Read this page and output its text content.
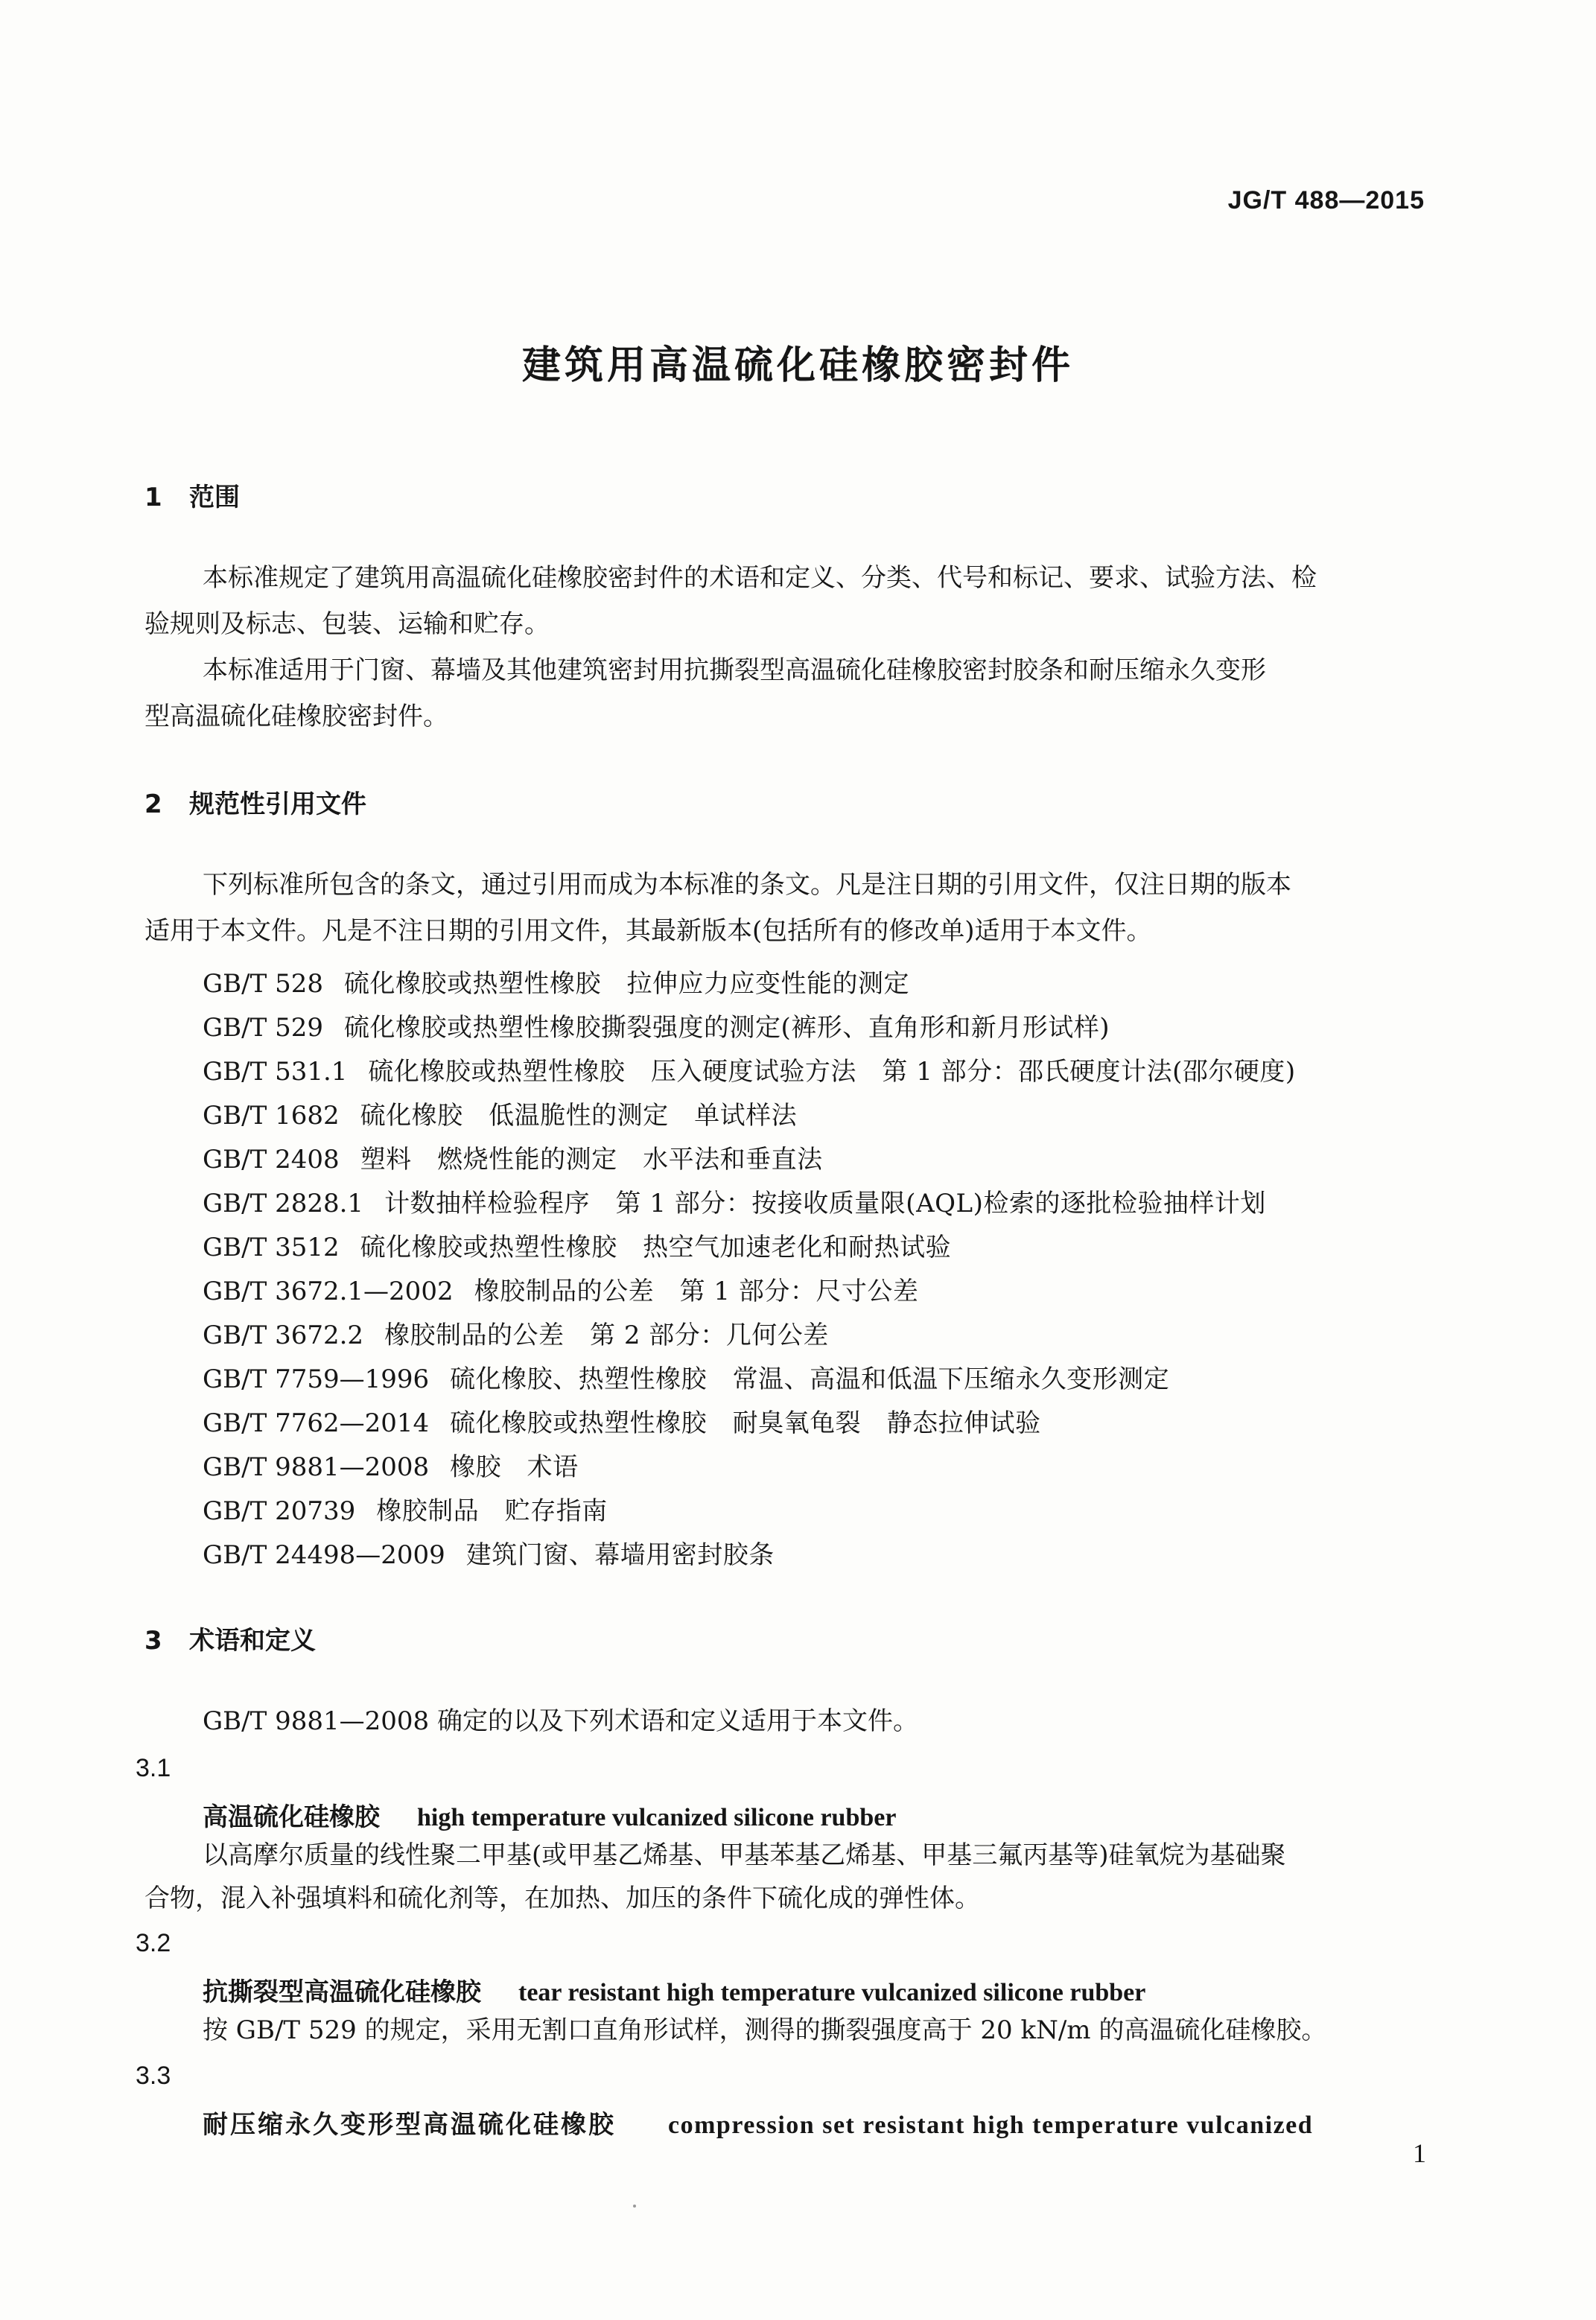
JG/T 488—2015
建筑用高温硫化硅橡胶密封件
1 范围
本标准规定了建筑用高温硫化硅橡胶密封件的术语和定义、分类、代号和标记、要求、试验方法、检
验规则及标志、包装、运输和贮存。
本标准适用于门窗、幕墙及其他建筑密封用抗撕裂型高温硫化硅橡胶密封胶条和耐压缩永久变形
型高温硫化硅橡胶密封件。
2 规范性引用文件
下列标准所包含的条文，通过引用而成为本标准的条文。凡是注日期的引用文件，仅注日期的版本
适用于本文件。凡是不注日期的引用文件，其最新版本(包括所有的修改单)适用于本文件。
GB/T 528 硫化橡胶或热塑性橡胶　拉伸应力应变性能的测定
GB/T 529 硫化橡胶或热塑性橡胶撕裂强度的测定(裤形、直角形和新月形试样)
GB/T 531.1 硫化橡胶或热塑性橡胶　压入硬度试验方法　第 1 部分：邵氏硬度计法(邵尔硬度)
GB/T 1682 硫化橡胶　低温脆性的测定　单试样法
GB/T 2408 塑料　燃烧性能的测定　水平法和垂直法
GB/T 2828.1 计数抽样检验程序　第 1 部分：按接收质量限(AQL)检索的逐批检验抽样计划
GB/T 3512 硫化橡胶或热塑性橡胶　热空气加速老化和耐热试验
GB/T 3672.1—2002 橡胶制品的公差　第 1 部分：尺寸公差
GB/T 3672.2 橡胶制品的公差　第 2 部分：几何公差
GB/T 7759—1996 硫化橡胶、热塑性橡胶　常温、高温和低温下压缩永久变形测定
GB/T 7762—2014 硫化橡胶或热塑性橡胶　耐臭氧龟裂　静态拉伸试验
GB/T 9881—2008 橡胶　术语
GB/T 20739 橡胶制品　贮存指南
GB/T 24498—2009 建筑门窗、幕墙用密封胶条
3 术语和定义
GB/T 9881—2008 确定的以及下列术语和定义适用于本文件。
3.1
高温硫化硅橡胶 high temperature vulcanized silicone rubber
以高摩尔质量的线性聚二甲基(或甲基乙烯基、甲基苯基乙烯基、甲基三氟丙基等)硅氧烷为基础聚
合物，混入补强填料和硫化剂等，在加热、加压的条件下硫化成的弹性体。
3.2
抗撕裂型高温硫化硅橡胶 tear resistant high temperature vulcanized silicone rubber
按 GB/T 529 的规定，采用无割口直角形试样，测得的撕裂强度高于 20 kN/m 的高温硫化硅橡胶。
3.3
耐压缩永久变形型高温硫化硅橡胶 compression set resistant high temperature vulcanized
1
